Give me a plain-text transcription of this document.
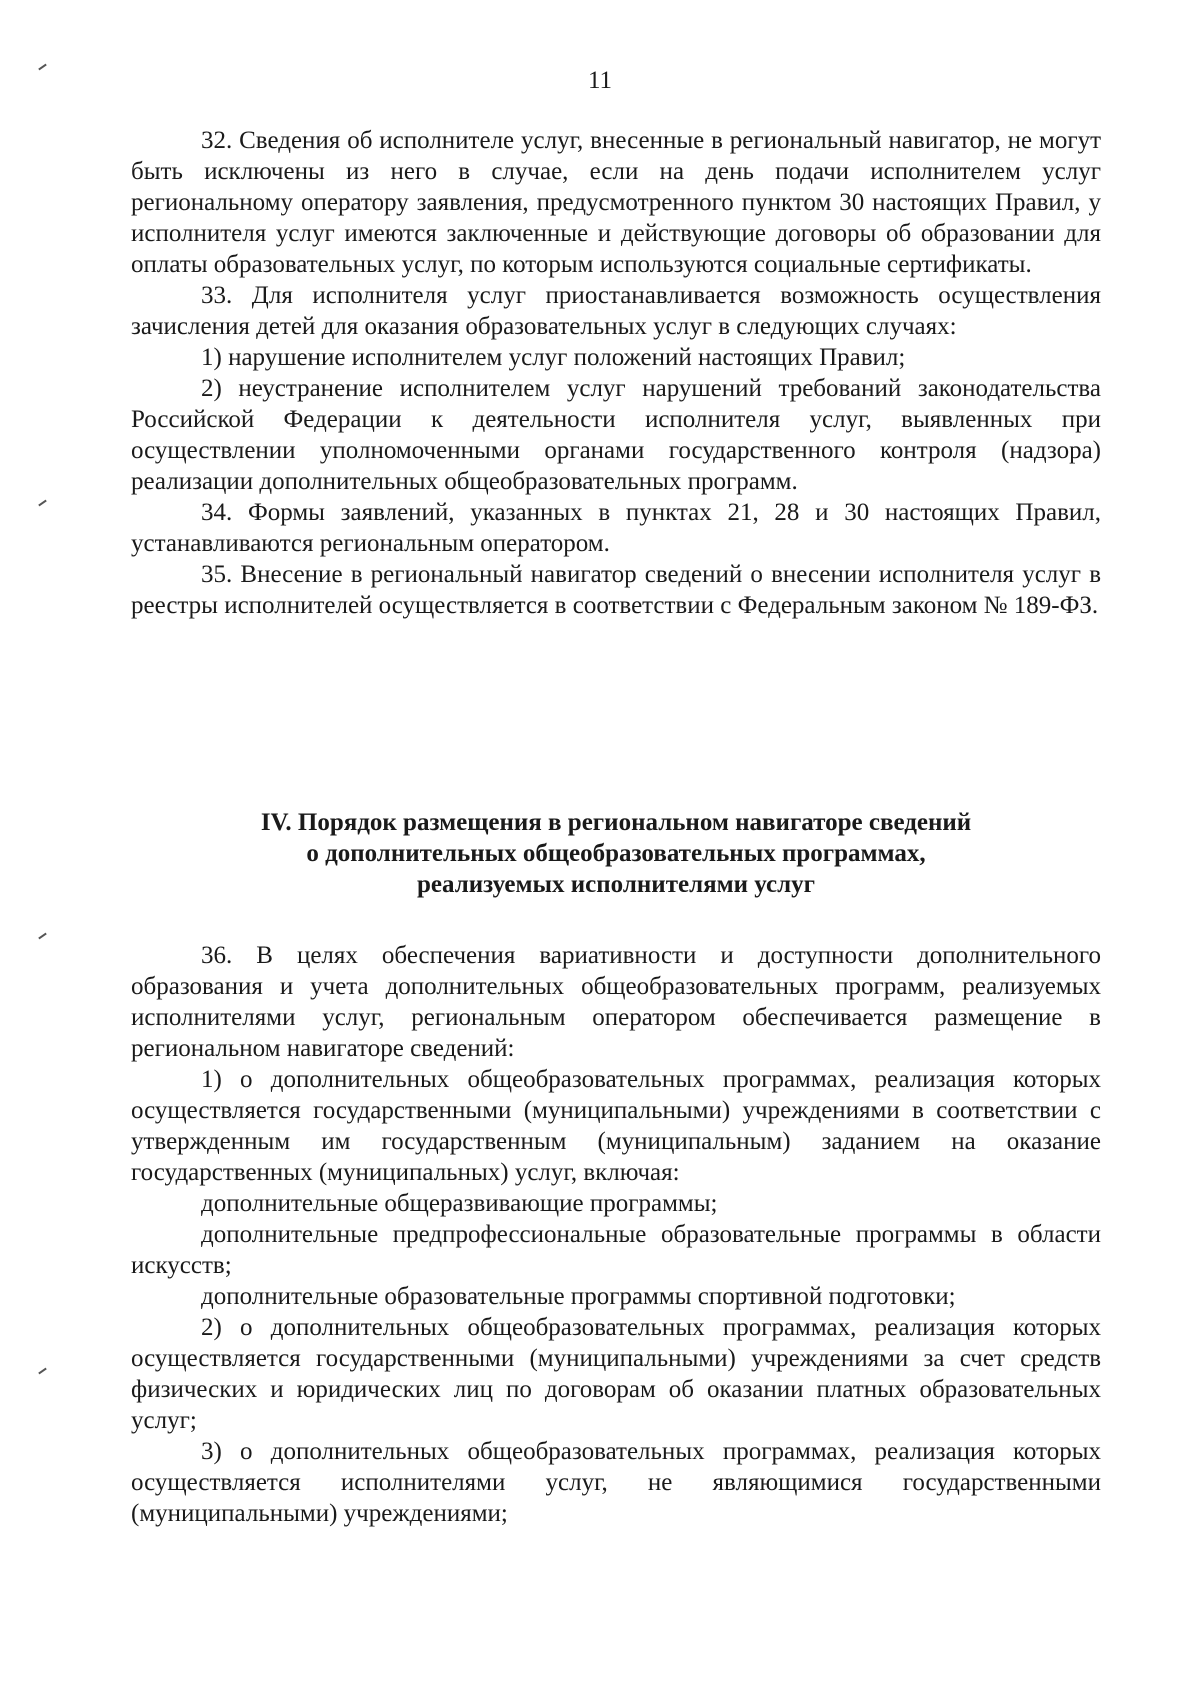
11

32. Сведения об исполнителе услуг, внесенные в региональный навигатор, не могут быть исключены из него в случае, если на день подачи исполнителем услуг региональному оператору заявления, предусмотренного пунктом 30 настоящих Правил, у исполнителя услуг имеются заключенные и действующие договоры об образовании для оплаты образовательных услуг, по которым используются социальные сертификаты.

33. Для исполнителя услуг приостанавливается возможность осуществления зачисления детей для оказания образовательных услуг в следующих случаях:

1) нарушение исполнителем услуг положений настоящих Правил;

2) неустранение исполнителем услуг нарушений требований законодательства Российской Федерации к деятельности исполнителя услуг, выявленных при осуществлении уполномоченными органами государственного контроля (надзора) реализации дополнительных общеобразовательных программ.

34. Формы заявлений, указанных в пунктах 21, 28 и 30 настоящих Правил, устанавливаются региональным оператором.

35. Внесение в региональный навигатор сведений о внесении исполнителя услуг в реестры исполнителей осуществляется в соответствии с Федеральным законом № 189-ФЗ.

IV. Порядок размещения в региональном навигаторе сведений
о дополнительных общеобразовательных программах,
реализуемых исполнителями услуг

36. В целях обеспечения вариативности и доступности дополнительного образования и учета дополнительных общеобразовательных программ, реализуемых исполнителями услуг, региональным оператором обеспечивается размещение в региональном навигаторе сведений:

1) о дополнительных общеобразовательных программах, реализация которых осуществляется государственными (муниципальными) учреждениями в соответствии с утвержденным им государственным (муниципальным) заданием на оказание государственных (муниципальных) услуг, включая:

дополнительные общеразвивающие программы;

дополнительные предпрофессиональные образовательные программы в области искусств;

дополнительные образовательные программы спортивной подготовки;

2) о дополнительных общеобразовательных программах, реализация которых осуществляется государственными (муниципальными) учреждениями за счет средств физических и юридических лиц по договорам об оказании платных образовательных услуг;

3) о дополнительных общеобразовательных программах, реализация которых осуществляется исполнителями услуг, не являющимися государственными (муниципальными) учреждениями;
